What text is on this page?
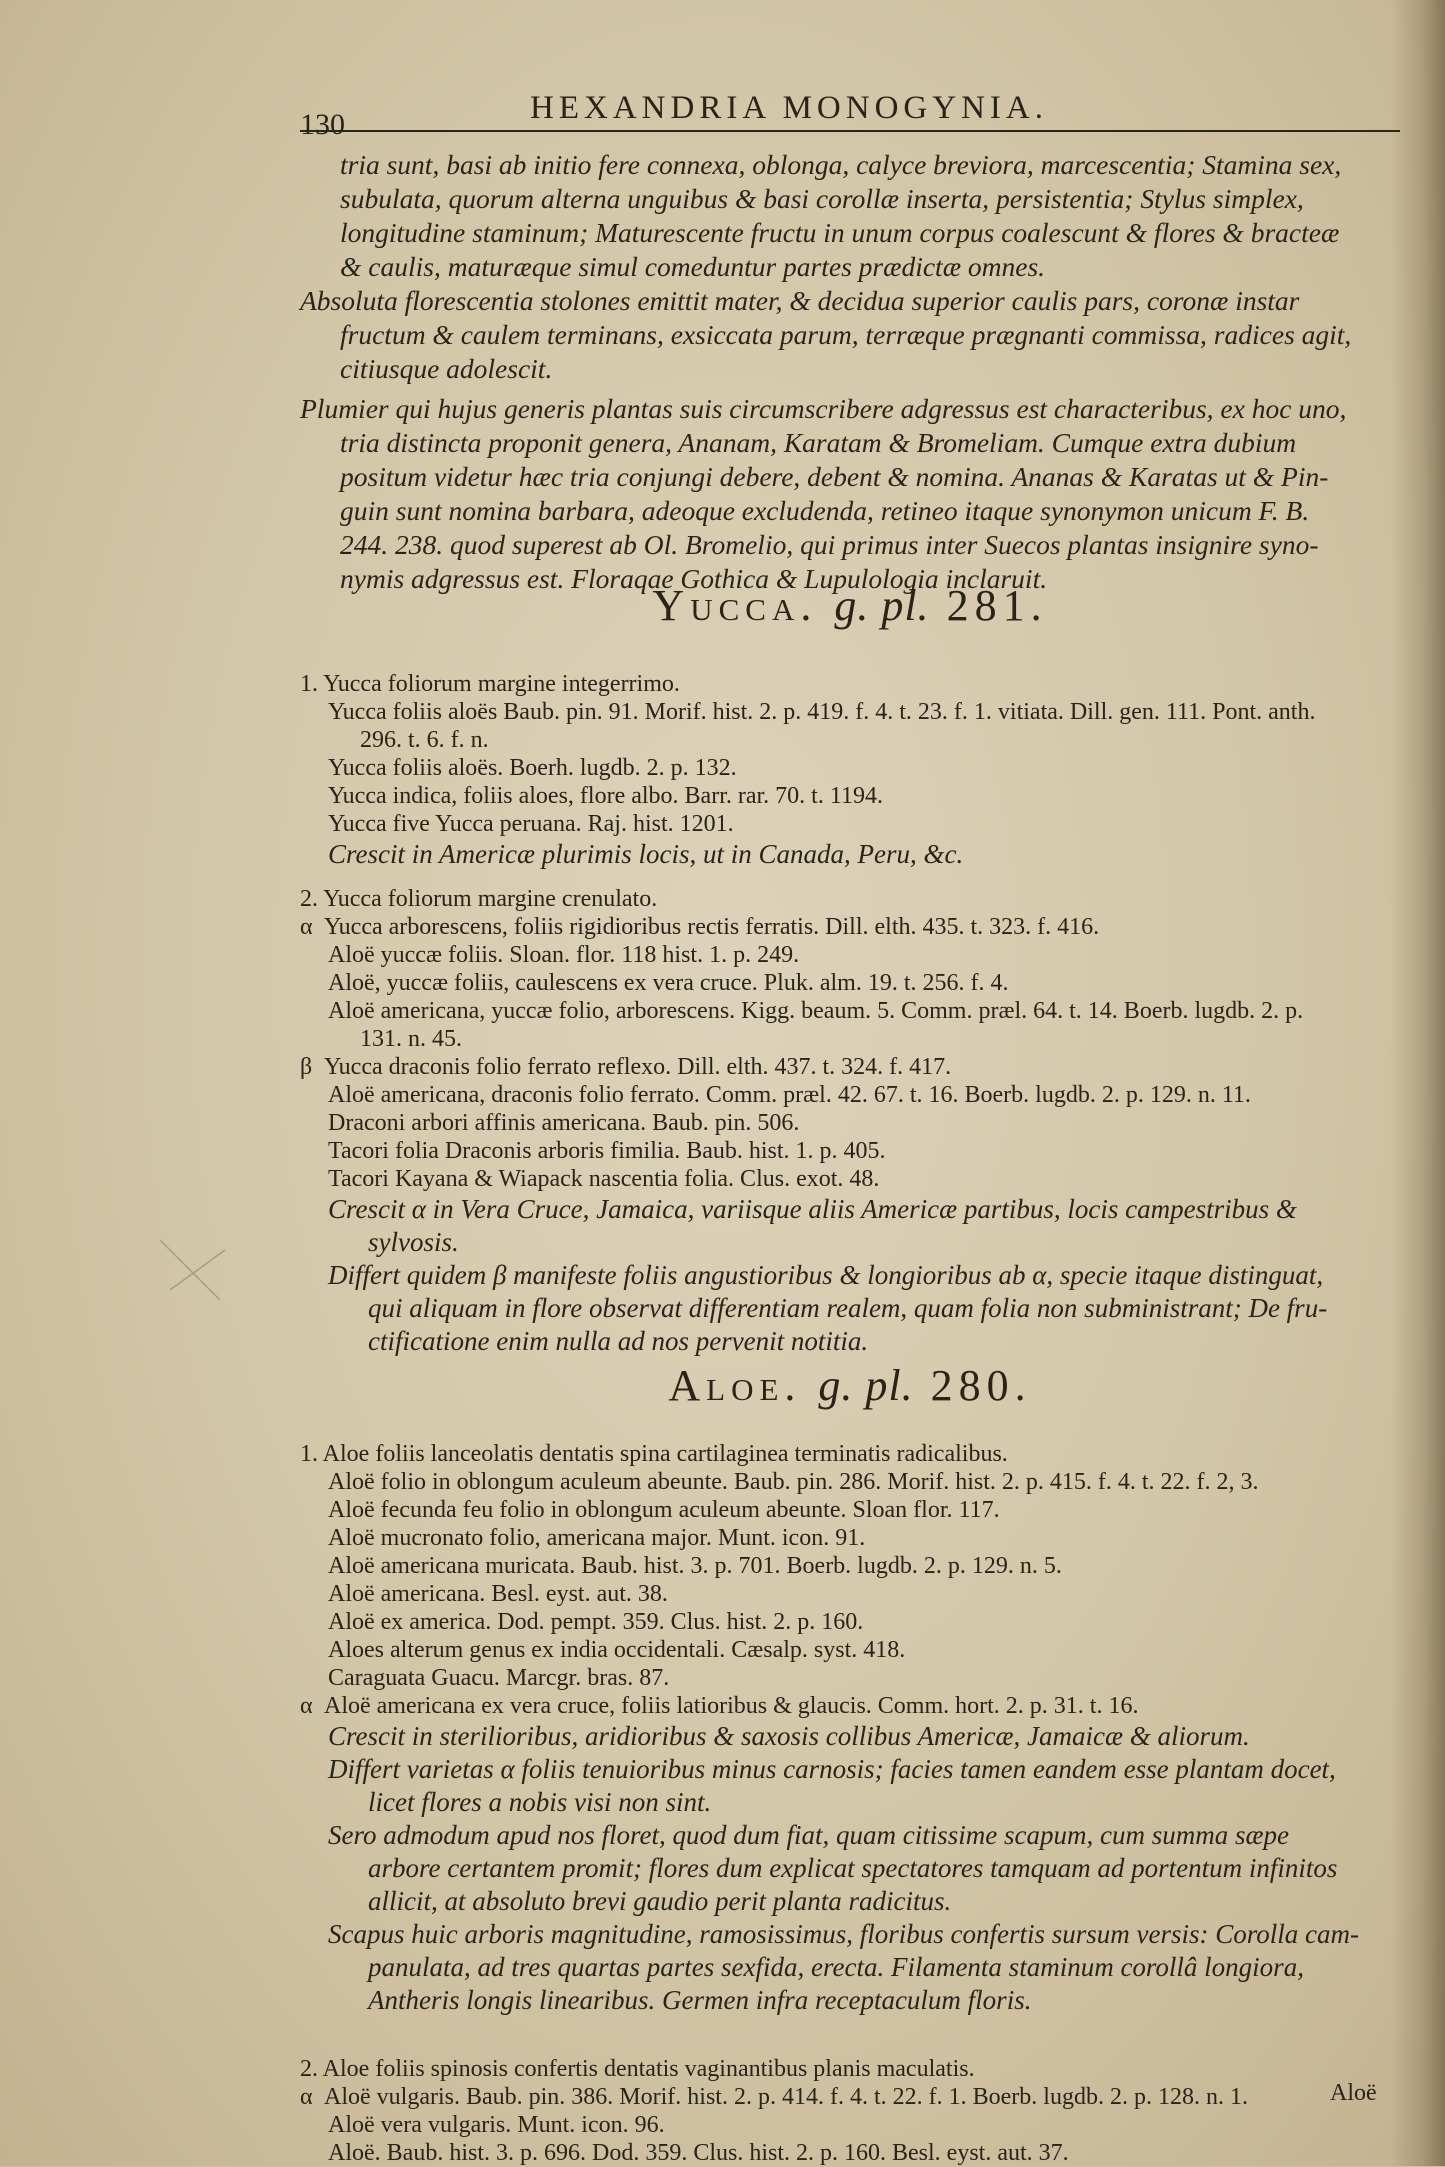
130	HEXANDRIA MONOGYNIA.

tria sunt, basi ab initio fere connexa, oblonga, calyce breviora, marcescentia; Stamina sex,

subulata, quorum alterna unguibus & basi corollæ inserta, persistentia; Stylus simplex,

longitudine staminum; Maturescente fructu in unum corpus coalescunt & flores & bracteæ

& caulis, maturæque simul comeduntur partes prædictæ omnes.

Absoluta florescentia stolones emittit mater, & decidua superior caulis pars, coronæ instar

fructum & caulem terminans, exsiccata parum, terræque prægnanti commissa, radices agit,

citiusque adolescit.

Plumier qui hujus generis plantas suis circumscribere adgressus est characteribus, ex hoc uno,

tria distincta proponit genera, Ananam, Karatam & Bromeliam. Cumque extra dubium

positum videtur hæc tria conjungi debere, debent & nomina. Ananas & Karatas ut & Pin-

guin sunt nomina barbara, adeoque excludenda, retineo itaque synonymon unicum F. B.

244. 238. quod superest ab Ol. Bromelio, qui primus inter Suecos plantas insignire syno-

nymis adgressus est. Floraqae Gothica & Lupulologia inclaruit.

Yucca. g. pl. 281.

1. Yucca foliorum margine integerrimo.

Yucca foliis aloës Baub. pin. 91. Morif. hist. 2. p. 419. f. 4. t. 23. f. 1. vitiata. Dill. gen. 111. Pont. anth.

296. t. 6. f. n.

Yucca foliis aloës. Boerh. lugdb. 2. p. 132.

Yucca indica, foliis aloes, flore albo. Barr. rar. 70. t. 1194.

Yucca five Yucca peruana. Raj. hist. 1201.

Crescit in Americæ plurimis locis, ut in Canada, Peru, &c.

2. Yucca foliorum margine crenulato.

α Yucca arborescens, foliis rigidioribus rectis ferratis. Dill. elth. 435. t. 323. f. 416.

Aloë yuccæ foliis. Sloan. flor. 118 hist. 1. p. 249.

Aloë, yuccæ foliis, caulescens ex vera cruce. Pluk. alm. 19. t. 256. f. 4.

Aloë americana, yuccæ folio, arborescens. Kigg. beaum. 5. Comm. præl. 64. t. 14. Boerb. lugdb. 2. p.

131. n. 45.

β Yucca draconis folio ferrato reflexo. Dill. elth. 437. t. 324. f. 417.

Aloë americana, draconis folio ferrato. Comm. præl. 42. 67. t. 16. Boerb. lugdb. 2. p. 129. n. 11.

Draconi arbori affinis americana. Baub. pin. 506.

Tacori folia Draconis arboris fimilia. Baub. hist. 1. p. 405.

Tacori Kayana & Wiapack nascentia folia. Clus. exot. 48.

Crescit α in Vera Cruce, Jamaica, variisque aliis Americæ partibus, locis campestribus &

sylvosis.

Differt quidem β manifeste foliis angustioribus & longioribus ab α, specie itaque distinguat,

qui aliquam in flore observat differentiam realem, quam folia non subministrant; De fru-

ctificatione enim nulla ad nos pervenit notitia.

Aloe. g. pl. 280.

1. Aloe foliis lanceolatis dentatis spina cartilaginea terminatis radicalibus.

Aloë folio in oblongum aculeum abeunte. Baub. pin. 286. Morif. hist. 2. p. 415. f. 4. t. 22. f. 2, 3.

Aloë fecunda feu folio in oblongum aculeum abeunte. Sloan flor. 117.

Aloë mucronato folio, americana major. Munt. icon. 91.

Aloë americana muricata. Baub. hist. 3. p. 701. Boerb. lugdb. 2. p. 129. n. 5.

Aloë americana. Besl. eyst. aut. 38.

Aloë ex america. Dod. pempt. 359. Clus. hist. 2. p. 160.

Aloes alterum genus ex india occidentali. Cæsalp. syst. 418.

Caraguata Guacu. Marcgr. bras. 87.

α Aloë americana ex vera cruce, foliis latioribus & glaucis. Comm. hort. 2. p. 31. t. 16.

Crescit in sterilioribus, aridioribus & saxosis collibus Americæ, Jamaicæ & aliorum.

Differt varietas α foliis tenuioribus minus carnosis; facies tamen eandem esse plantam docet,

licet flores a nobis visi non sint.

Sero admodum apud nos floret, quod dum fiat, quam citissime scapum, cum summa sæpe

arbore certantem promit; flores dum explicat spectatores tamquam ad portentum infinitos

allicit, at absoluto brevi gaudio perit planta radicitus.

Scapus huic arboris magnitudine, ramosissimus, floribus confertis sursum versis: Corolla cam-

panulata, ad tres quartas partes sexfida, erecta. Filamenta staminum corollâ longiora,

Antheris longis linearibus. Germen infra receptaculum floris.

2. Aloe foliis spinosis confertis dentatis vaginantibus planis maculatis.

α Aloë vulgaris. Baub. pin. 386. Morif. hist. 2. p. 414. f. 4. t. 22. f. 1. Boerb. lugdb. 2. p. 128. n. 1.

Aloë vera vulgaris. Munt. icon. 96.

Aloë. Baub. hist. 3. p. 696. Dod. 359. Clus. hist. 2. p. 160. Besl. eyst. aut. 37.

Aloë
